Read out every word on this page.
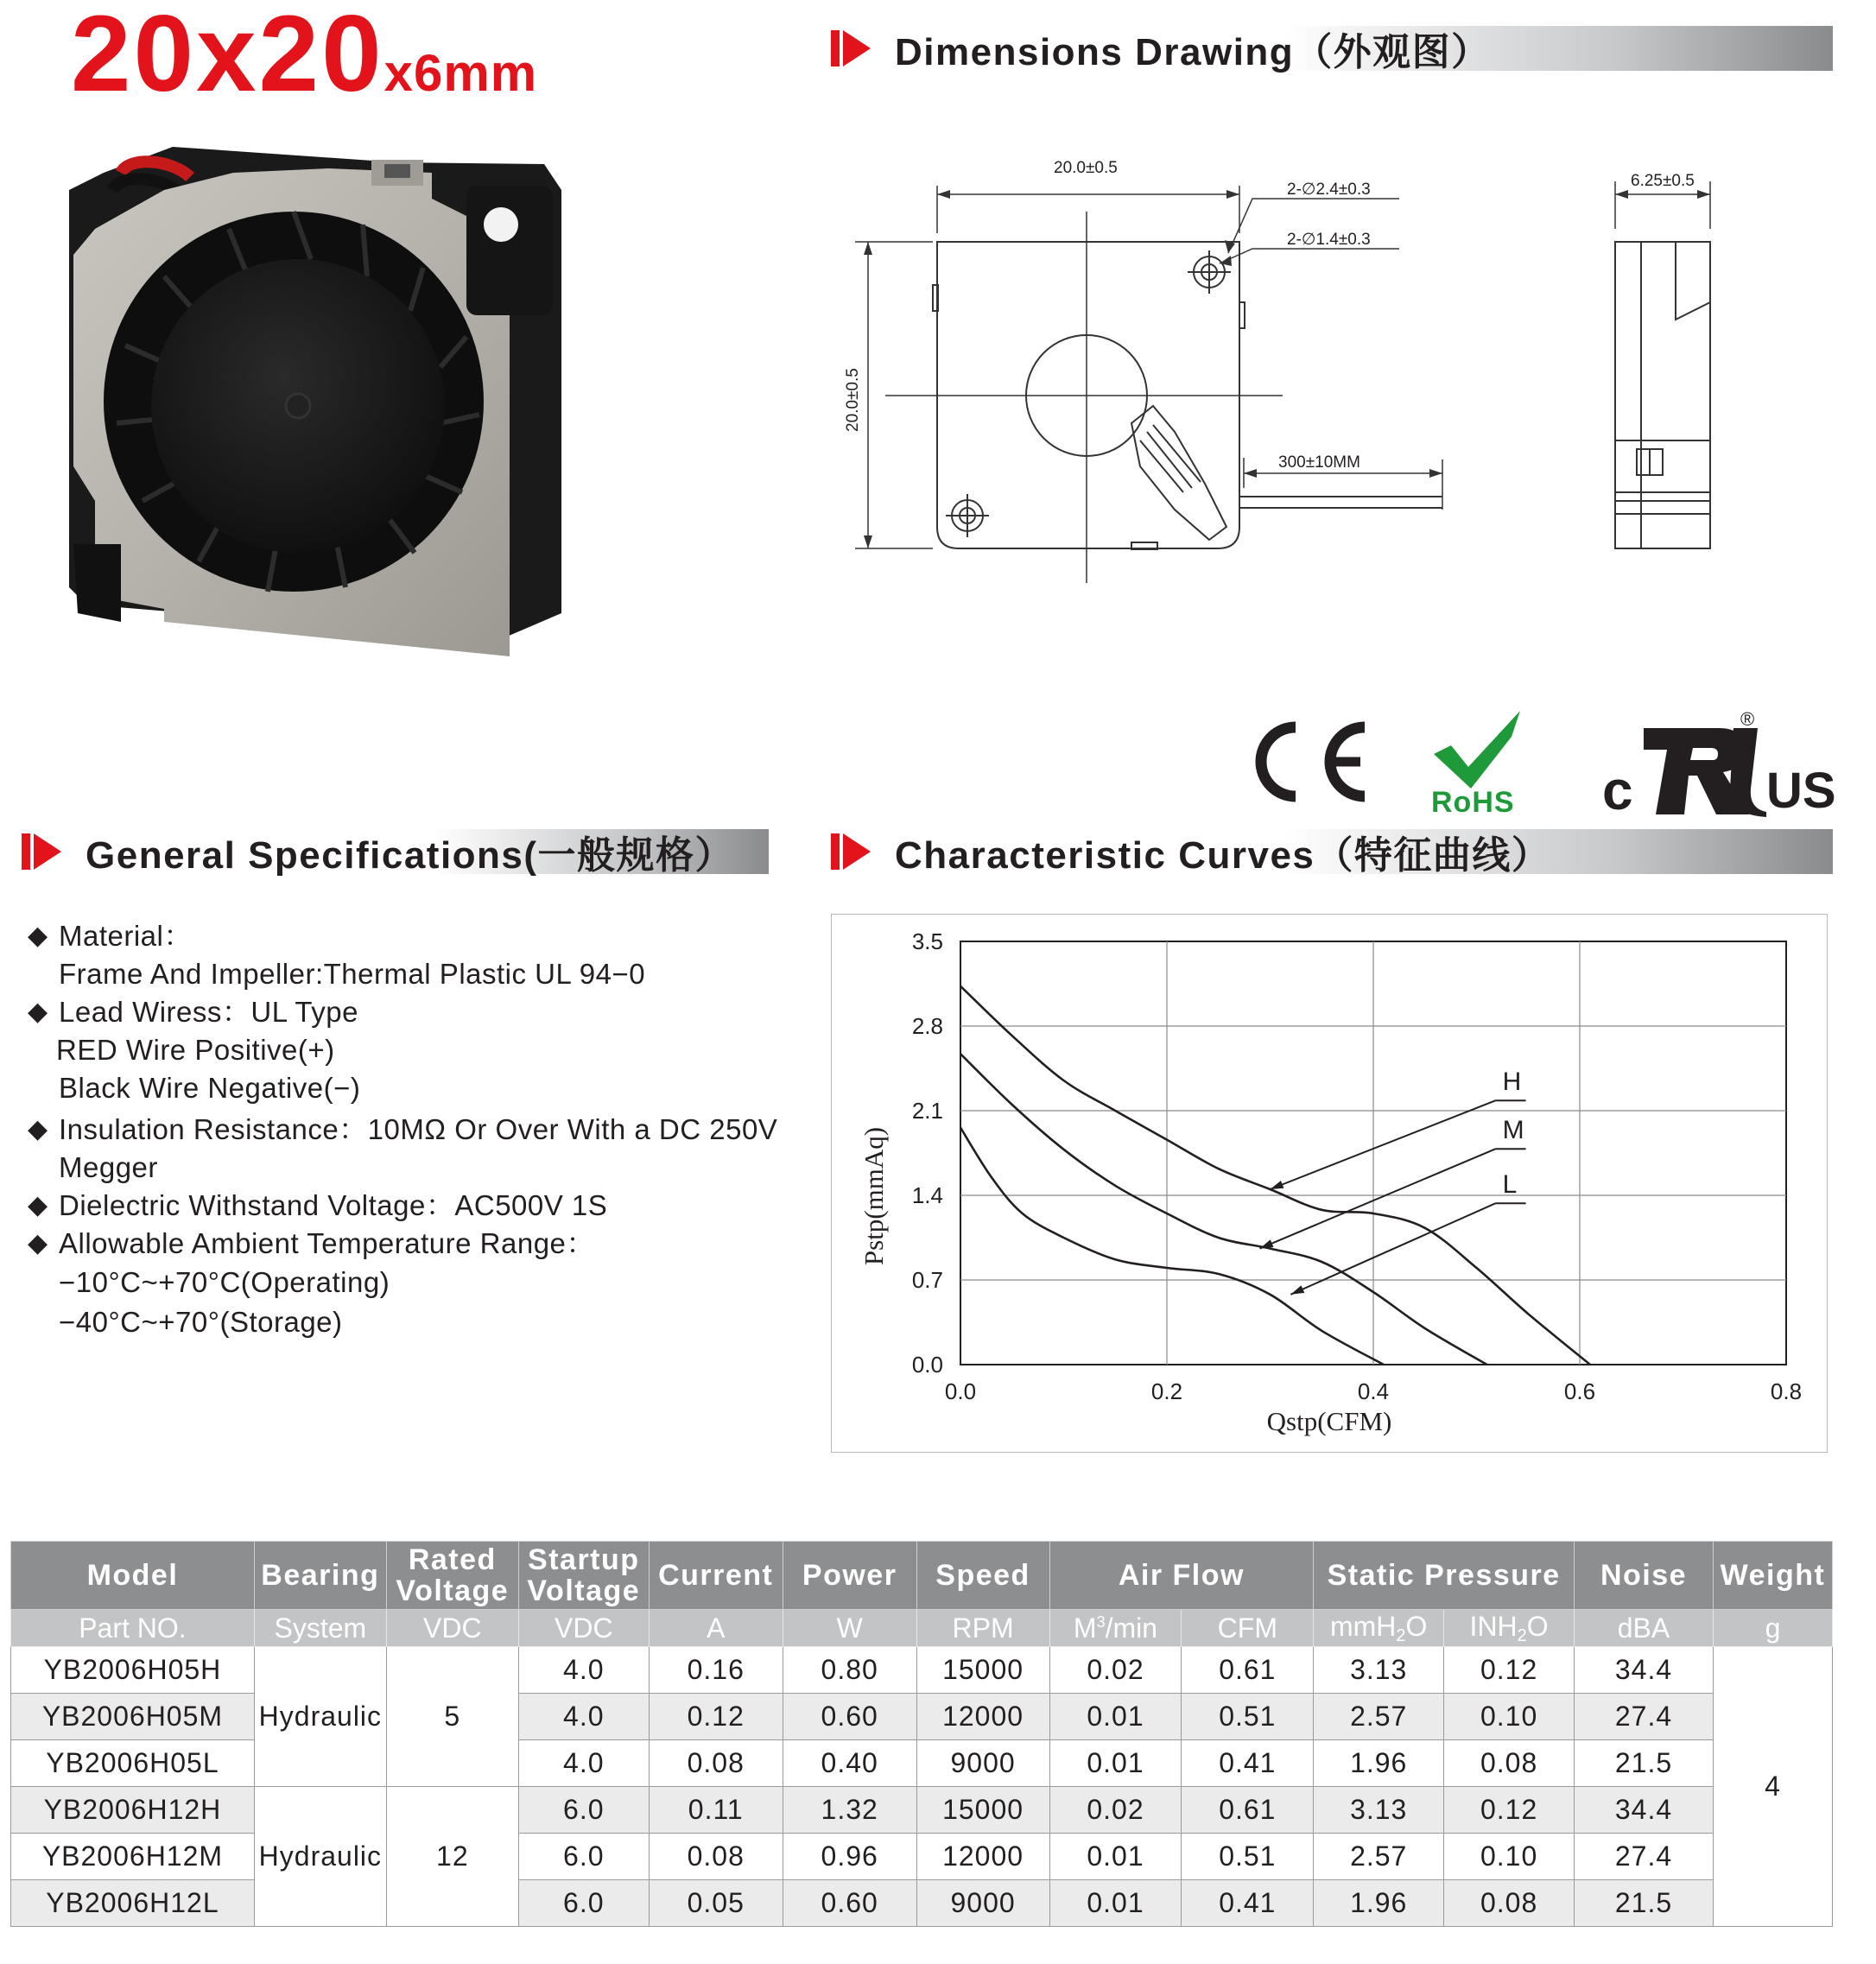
20x20x6mm	Dimensions Drawing（外观图）
20.0±0.5
2-∅2.4±0.3
2-∅1.4±0.3
300±10MM
6.25±0.5
20.0±0.5
RoHS c
®
US
General Specifications(一般规格）	Characteristic Curves（特征曲线）
◆ Material：
Frame And Impeller:Thermal Plastic UL 94−0
◆ Lead Wiress：UL Type
RED Wire Positive(+)
Black Wire Negative(−)
◆ Insulation Resistance：10MΩ Or Over With a DC 250V
Megger
◆ Dielectric Withstand Voltage：AC500V 1S
◆ Allowable Ambient Temperature Range：
−10°C~+70°C(Operating)
−40°C~+70°(Storage)
0.0	0.2	0.4	0.6	0.8
0.0
0.7
1.4
2.1
2.8
3.5
H
M
L
Qstp(CFM)
Pstp(mmAq)
Model	Bearing	Rated Voltage	Startup Voltage	Current	Power	Speed	Air Flow		Static Pressure		Noise	Weight
Part NO.	System	VDC	VDC	A	W	RPM	$M^3/\min$	CFM	mmH$_2$O	$INH_2O$	dBA	g
YB2006H05H	Hydraulic	5	4.0	0.16	0.80	15000	0.02	0.61	3.13	0.12	34.4	4
YB2006H05M			4.0	0.12	0.60	12000	0.01	0.51	2.57	0.10	27.4	
YB2006H05L			4.0	0.08	0.40	9000	0.01	0.41	1.96	0.08	21.5	
YB2006H12H	Hydraulic	12	6.0	0.11	1.32	15000	0.02	0.61	3.13	0.12	34.4	
YB2006H12M			6.0	0.08	0.96	12000	0.01	0.51	2.57	0.10	27.4	
YB2006H12L			6.0	0.05	0.60	9000	0.01	0.41	1.96	0.08	21.5	
